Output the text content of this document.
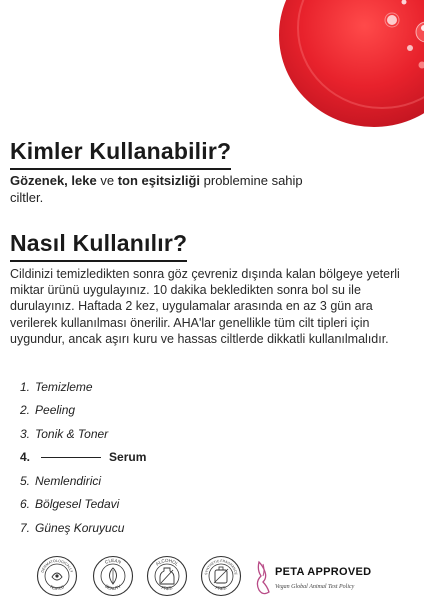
Kimler Kullanabilir?
Gözenek, leke ve ton eşitsizliği problemine sahip ciltler.
Nasıl Kullanılır?
Cildinizi temizledikten sonra göz çevreniz dışında kalan bölgeye yeterli miktar ürünü uygulayınız. 10 dakika bekledikten sonra bol su ile durulayınız. Haftada 2 kez, uygulamalar arasında en az 3 gün ara verilerek kullanılması önerilir. AHA'lar genellikle tüm cilt tipleri için uygundur, ancak aşırı kuru ve hassas ciltlerde dikkatli kullanılmalıdır.
1. Temizleme
2. Peeling
3. Tonik & Toner
4.	Serum
5. Nemlendirici
6. Bölgesel Tedavi
7. Güneş Koruyucu
DERMATOLOGICALLY
TESTED
CLEAN
BEAUTY
ALCOHOL
FREE
SYNTHETIC FRAGRANCE
FREE
PETA APPROVED
Vegan Global Animal Test Policy
